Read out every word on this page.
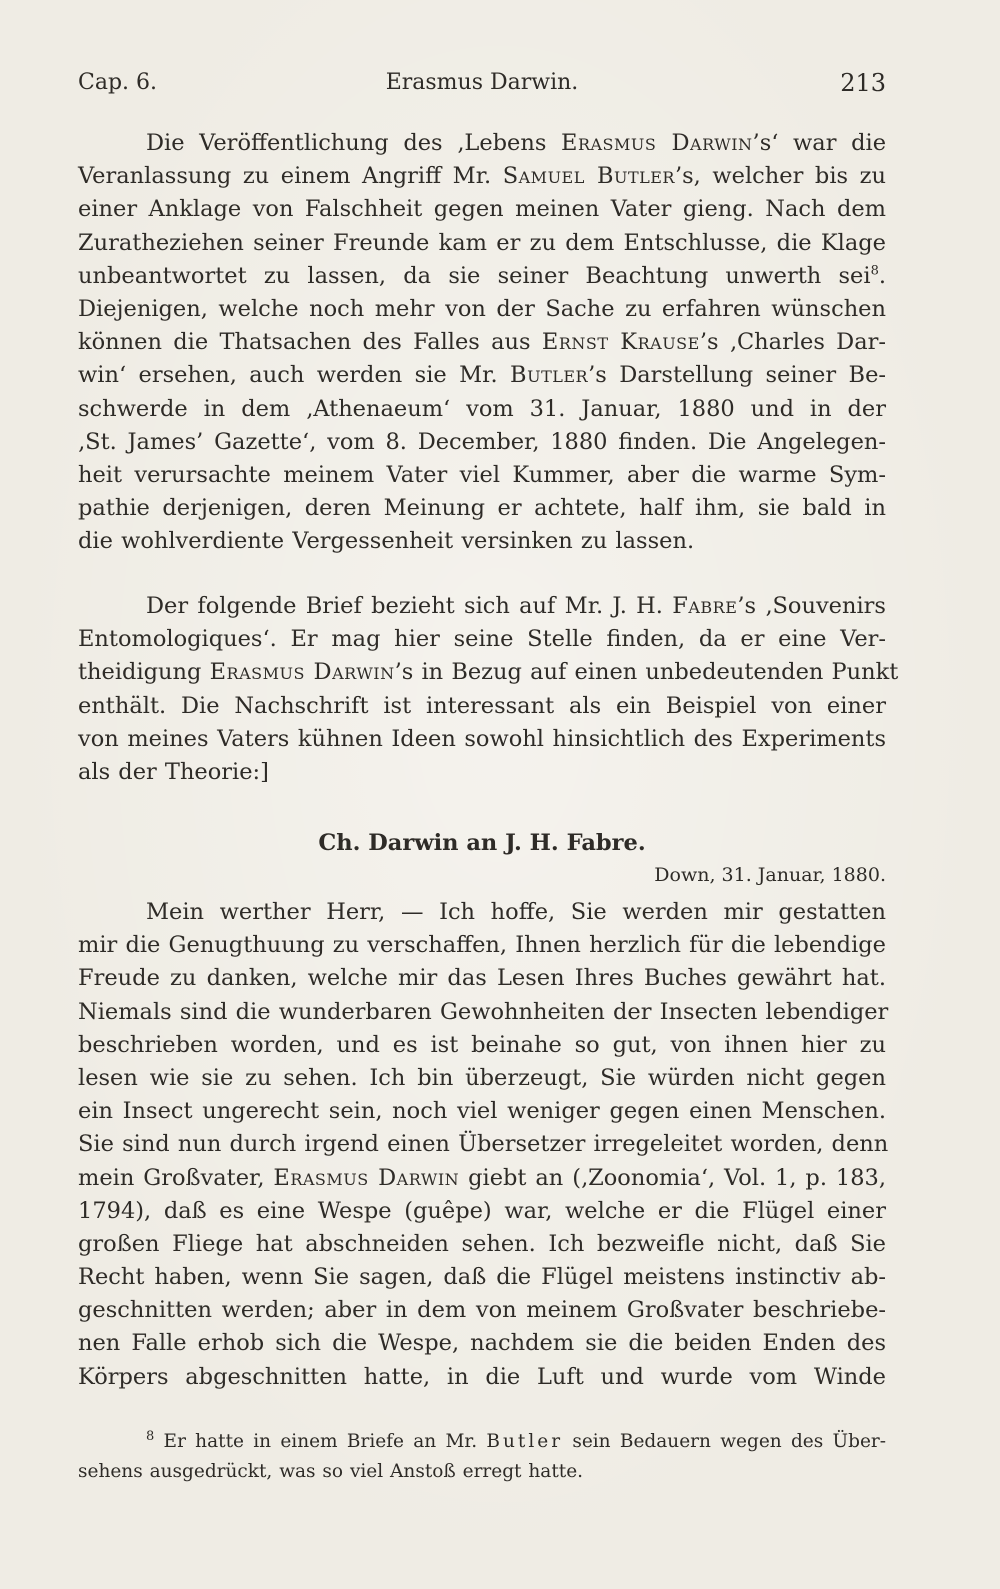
Cap. 6.	Erasmus Darwin.	213
Die Veröffentlichung des ‚Lebens Erasmus Darwin’s‘ war die
Veranlassung zu einem Angriff Mr. Samuel Butler’s, welcher bis zu
einer Anklage von Falschheit gegen meinen Vater gieng. Nach dem
Zuratheziehen seiner Freunde kam er zu dem Entschlusse, die Klage
unbeantwortet zu lassen, da sie seiner Beachtung unwerth sei$^8$.
Diejenigen, welche noch mehr von der Sache zu erfahren wünschen
können die Thatsachen des Falles aus Ernst Krause’s ‚Charles Dar-
win‘ ersehen, auch werden sie Mr. Butler’s Darstellung seiner Be-
schwerde in dem ‚Athenaeum‘ vom 31. Januar, 1880 und in der
‚St. James’ Gazette‘, vom 8. December, 1880 finden. Die Angelegen-
heit verursachte meinem Vater viel Kummer, aber die warme Sym-
pathie derjenigen, deren Meinung er achtete, half ihm, sie bald in
die wohlverdiente Vergessenheit versinken zu lassen.
Der folgende Brief bezieht sich auf Mr. J. H. Fabre’s ‚Souvenirs
Entomologiques‘. Er mag hier seine Stelle finden, da er eine Ver-
theidigung Erasmus Darwin’s in Bezug auf einen unbedeutenden Punkt
enthält. Die Nachschrift ist interessant als ein Beispiel von einer
von meines Vaters kühnen Ideen sowohl hinsichtlich des Experiments
als der Theorie:]
Ch. Darwin an J. H. Fabre.
Down, 31. Januar, 1880.
Mein werther Herr, — Ich hoffe, Sie werden mir gestatten
mir die Genugthuung zu verschaffen, Ihnen herzlich für die lebendige
Freude zu danken, welche mir das Lesen Ihres Buches gewährt hat.
Niemals sind die wunderbaren Gewohnheiten der Insecten lebendiger
beschrieben worden, und es ist beinahe so gut, von ihnen hier zu
lesen wie sie zu sehen. Ich bin überzeugt, Sie würden nicht gegen
ein Insect ungerecht sein, noch viel weniger gegen einen Menschen.
Sie sind nun durch irgend einen Übersetzer irregeleitet worden, denn
mein Großvater, Erasmus Darwin giebt an (‚Zoonomia‘, Vol. 1, p. 183,
1794), daß es eine Wespe (guêpe) war, welche er die Flügel einer
großen Fliege hat abschneiden sehen. Ich bezweifle nicht, daß Sie
Recht haben, wenn Sie sagen, daß die Flügel meistens instinctiv ab-
geschnitten werden; aber in dem von meinem Großvater beschriebe-
nen Falle erhob sich die Wespe, nachdem sie die beiden Enden des
Körpers abgeschnitten hatte, in die Luft und wurde vom Winde
$^8$ Er hatte in einem Briefe an Mr. Butler sein Bedauern wegen des Über-
sehens ausgedrückt, was so viel Anstoß erregt hatte.
